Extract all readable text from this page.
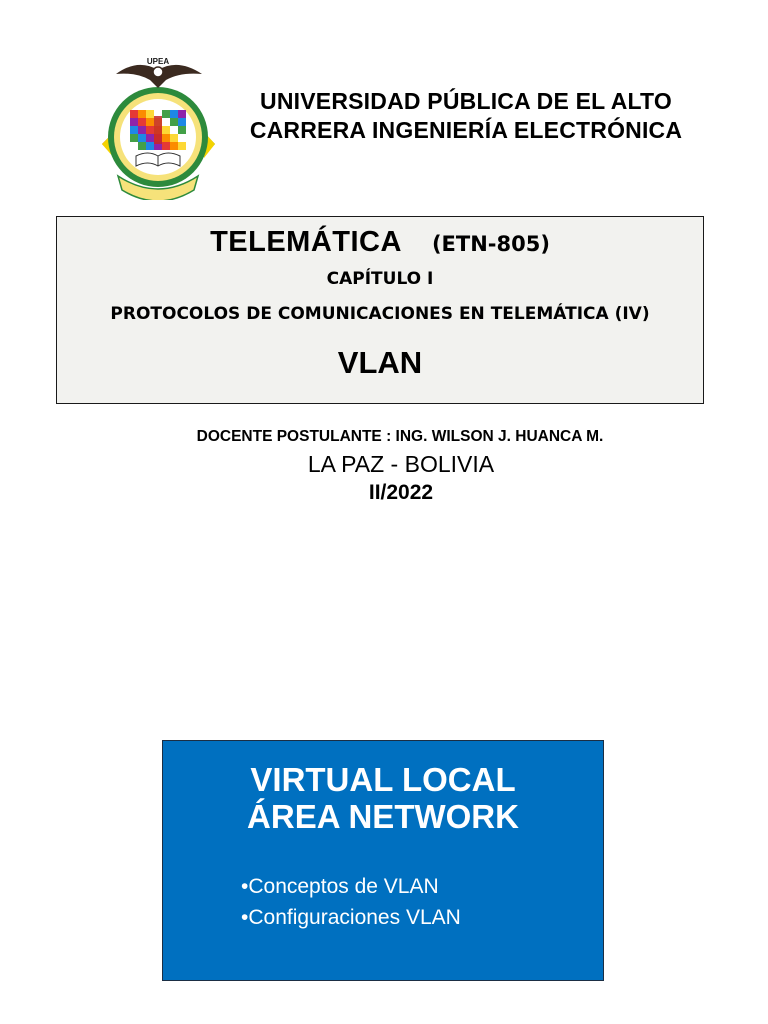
UPEA
UNIVERSIDAD PÚBLICA DE EL ALTO
CARRERA INGENIERÍA ELECTRÓNICA
TELEMÁTICA (ETN-805)
CAPÍTULO I
PROTOCOLOS DE COMUNICACIONES EN TELEMÁTICA (IV)
VLAN
DOCENTE POSTULANTE : ING. WILSON J. HUANCA M.
LA PAZ - BOLIVIA
II/2022
VIRTUAL LOCAL
ÁREA NETWORK
•Conceptos de VLAN
•Configuraciones VLAN
